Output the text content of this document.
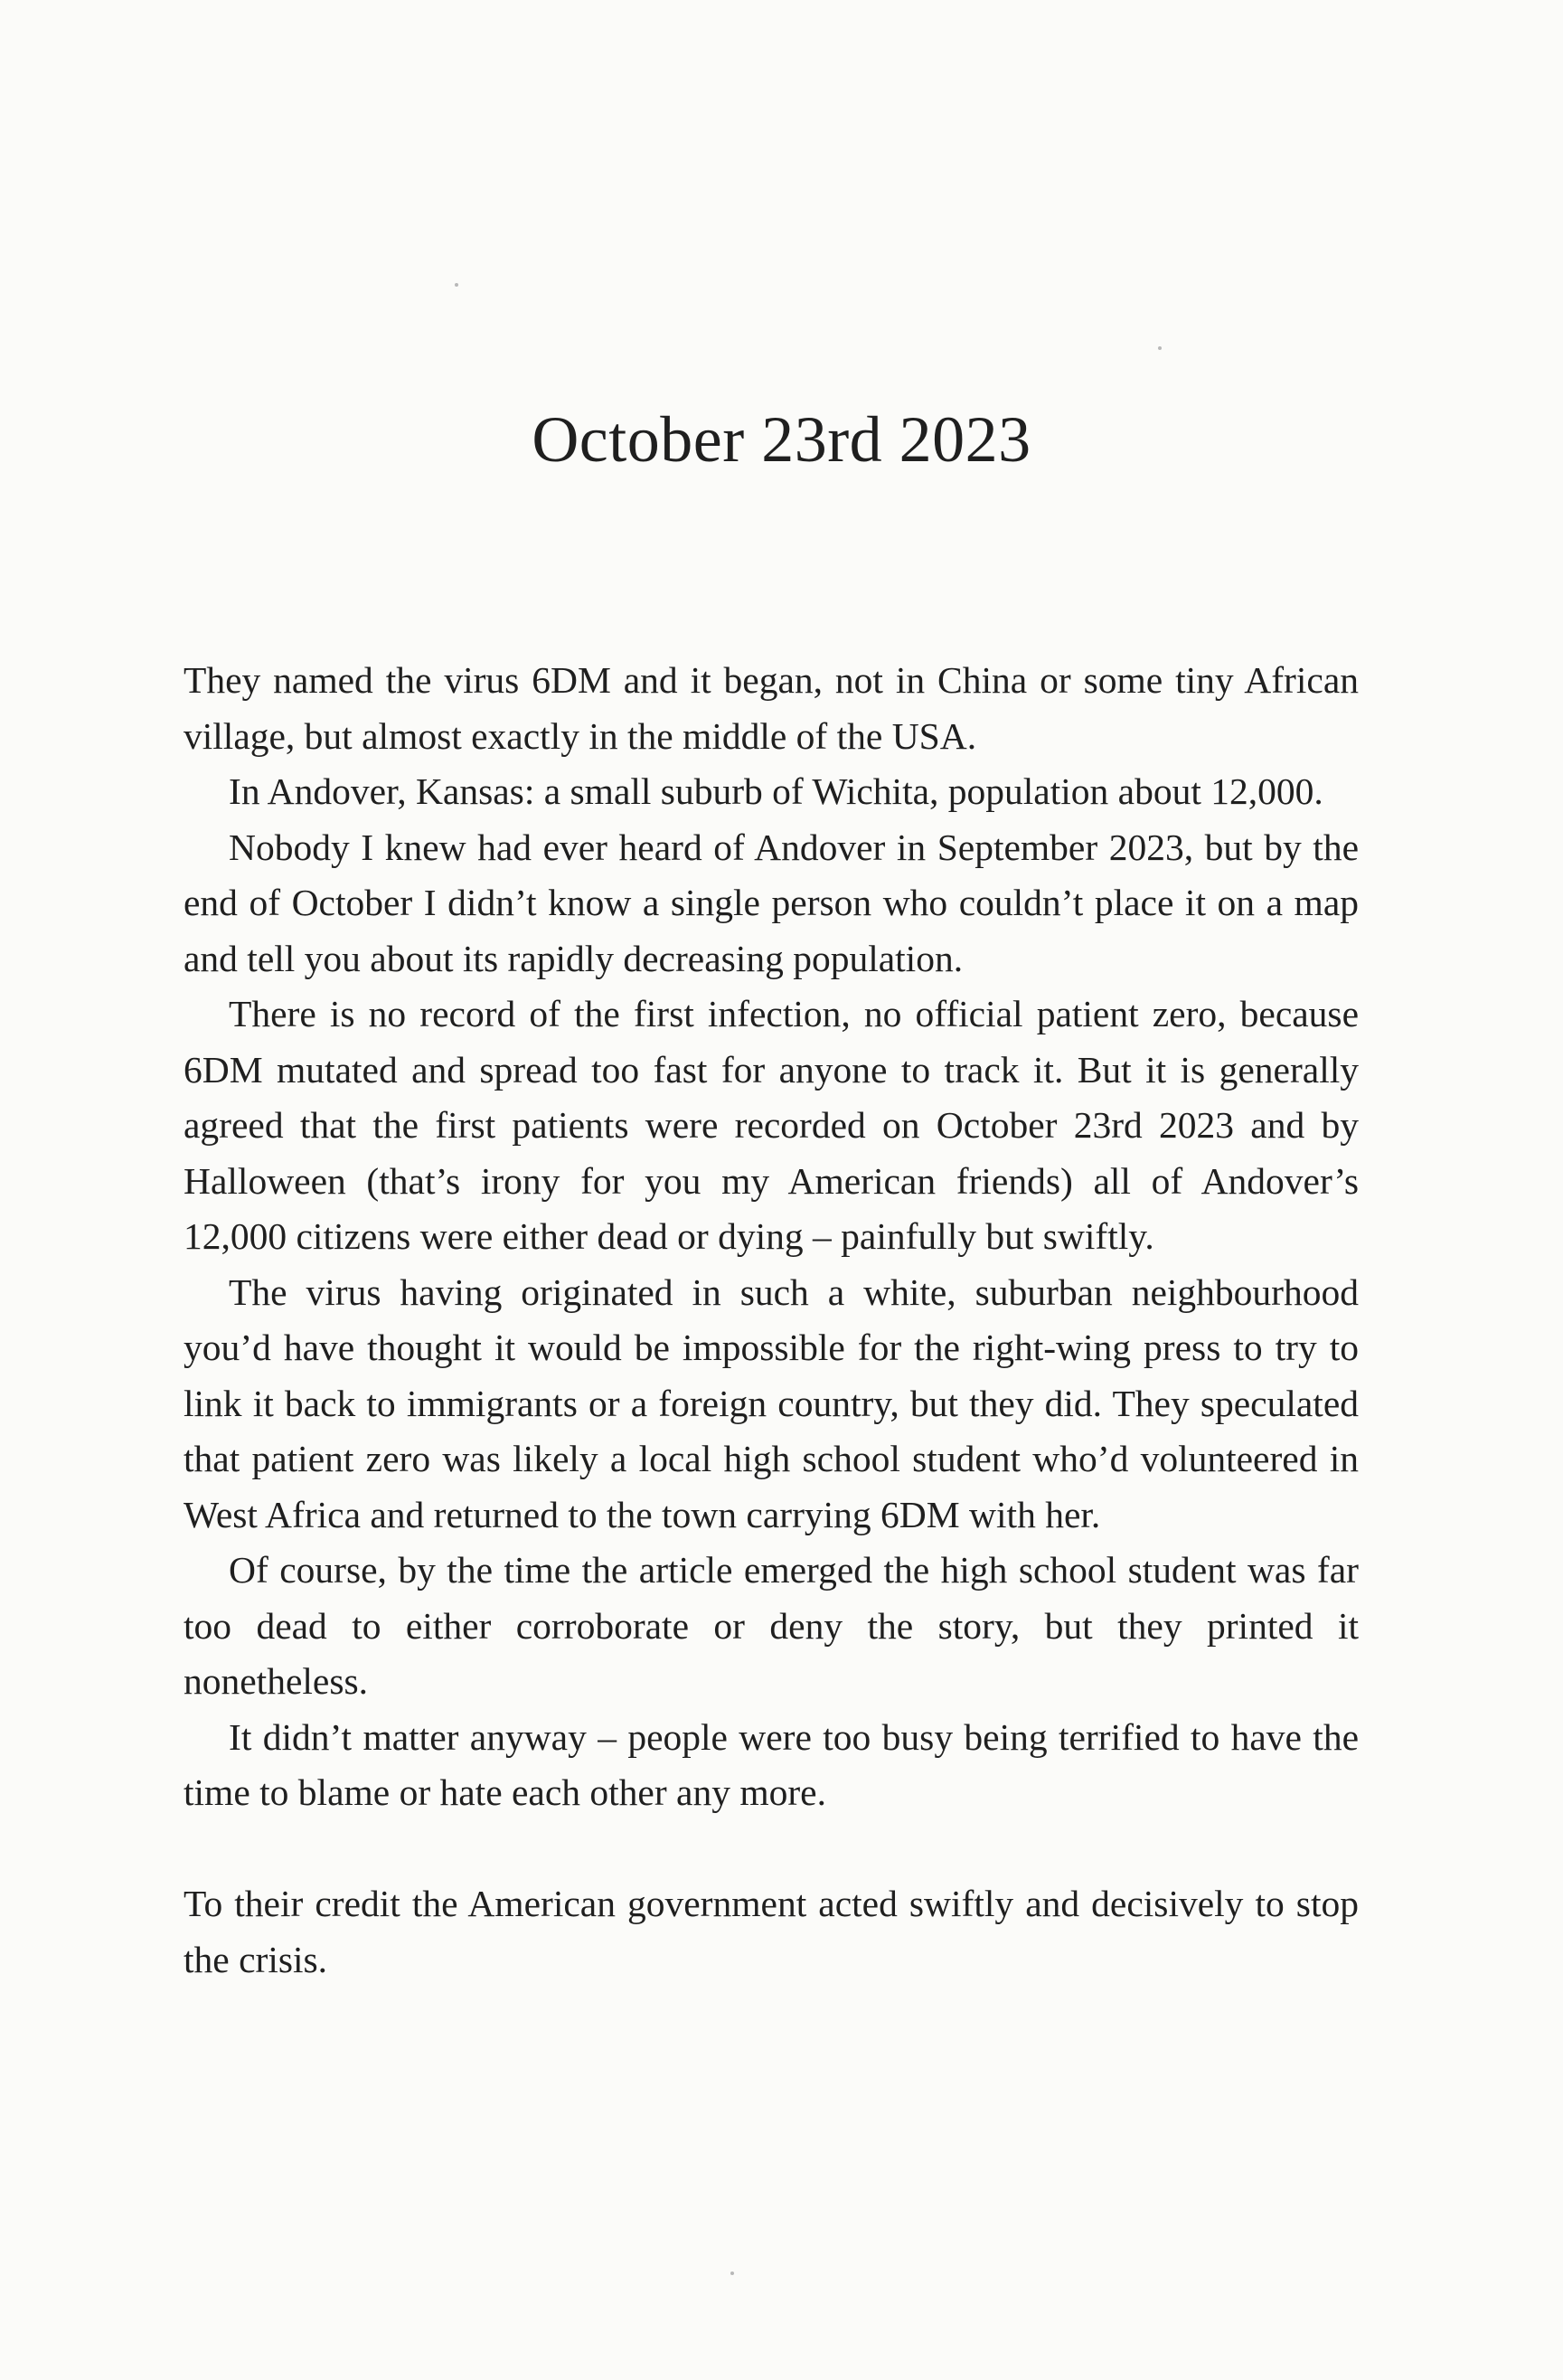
October 23rd 2023

They named the virus 6DM and it began, not in China or some tiny African village, but almost exactly in the middle of the USA.

In Andover, Kansas: a small suburb of Wichita, population about 12,000.

Nobody I knew had ever heard of Andover in September 2023, but by the end of October I didn’t know a single person who couldn’t place it on a map and tell you about its rapidly decreasing population.

There is no record of the first infection, no official patient zero, because 6DM mutated and spread too fast for anyone to track it. But it is generally agreed that the first patients were recorded on October 23rd 2023 and by Halloween (that’s irony for you my American friends) all of Andover’s 12,000 citizens were either dead or dying – painfully but swiftly.

The virus having originated in such a white, suburban neighbourhood you’d have thought it would be impossible for the right-wing press to try to link it back to immigrants or a foreign country, but they did. They speculated that patient zero was likely a local high school student who’d volunteered in West Africa and returned to the town carrying 6DM with her.

Of course, by the time the article emerged the high school student was far too dead to either corroborate or deny the story, but they printed it nonetheless.

It didn’t matter anyway – people were too busy being terrified to have the time to blame or hate each other any more.

To their credit the American government acted swiftly and decisively to stop the crisis.
